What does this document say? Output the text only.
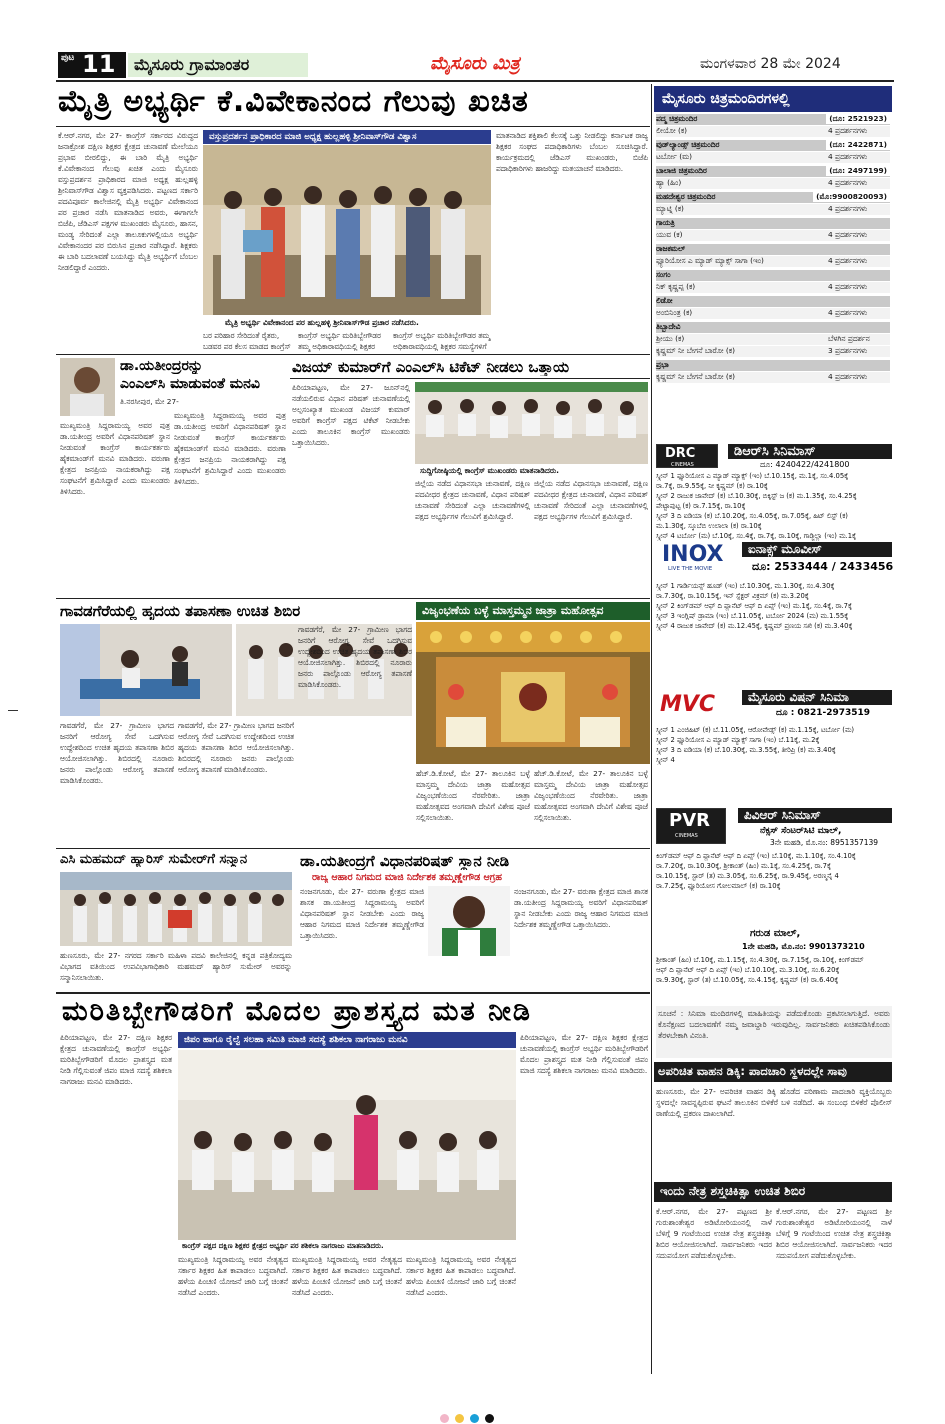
ಪುಟ 11	ಮೈಸೂರು ಗ್ರಾಮಾಂತರ	ಮೈಸೂರು ಮಿತ್ರ	ಮಂಗಳವಾರ 28 ಮೇ 2024
ಮೈತ್ರಿ ಅಭ್ಯರ್ಥಿ ಕೆ.ವಿವೇಕಾನಂದ ಗೆಲುವು ಖಚಿತ
ಕೆ.ಆರ್.ನಗರ, ಮೇ 27- ಕಾಂಗ್ರೆಸ್ ಸರ್ಕಾರದ ವಿರುದ್ಧದ ಜನಾಕ್ರೋಶ ದಕ್ಷಿಣ ಶಿಕ್ಷಕರ ಕ್ಷೇತ್ರದ ಚುನಾವಣೆ ಮೇಲೆಯೂ ಪ್ರಭಾವ ಬೀರಲಿದ್ದು, ಈ ಬಾರಿ ಮೈತ್ರಿ ಅಭ್ಯರ್ಥಿ ಕೆ.ವಿವೇಕಾನಂದ ಗೆಲುವು ಖಚಿತ ಎಂದು ಮೈಸೂರು ವಸ್ತುಪ್ರದರ್ಶನ ಪ್ರಾಧಿಕಾರದ ಮಾಜಿ ಅಧ್ಯಕ್ಷ ಹುಲ್ಲಹಳ್ಳಿ ಶ್ರೀನಿವಾಸ್‌ಗೌಡ ವಿಶ್ವಾಸ ವ್ಯಕ್ತಪಡಿಸಿದರು. ಪಟ್ಟಣದ ಸರ್ಕಾರಿ ಪದವಿಪೂರ್ವ ಕಾಲೇಜಿನಲ್ಲಿ ಮೈತ್ರಿ ಅಭ್ಯರ್ಥಿ ವಿವೇಕಾನಂದ ಪರ ಪ್ರಚಾರ ನಡೆಸಿ ಮಾತನಾಡಿದ ಅವರು, ಈಗಾಗಲೇ ಬಿಜೆಪಿ, ಜೆಡಿಎಸ್ ಪಕ್ಷಗಳ ಮುಖಂಡರು ಮೈಸೂರು, ಹಾಸನ, ಮಂಡ್ಯ ಸೇರಿದಂತೆ ಎಲ್ಲಾ ತಾಲೂಕುಗಳಲ್ಲಿಯೂ ಅಭ್ಯರ್ಥಿ ವಿವೇಕಾನಂದರ ಪರ ಬಿರುಸಿನ ಪ್ರಚಾರ ನಡೆಸಿದ್ದಾರೆ. ಶಿಕ್ಷಕರು ಈ ಬಾರಿ ಬದಲಾವಣೆ ಬಯಸಿದ್ದು ಮೈತ್ರಿ ಅಭ್ಯರ್ಥಿಗೆ ಬೆಂಬಲ ನೀಡಲಿದ್ದಾರೆ ಎಂದರು.
ವಸ್ತುಪ್ರದರ್ಶನ ಪ್ರಾಧಿಕಾರದ ಮಾಜಿ ಅಧ್ಯಕ್ಷ ಹುಲ್ಲಹಳ್ಳಿ ಶ್ರೀನಿವಾಸ್‌ಗೌಡ ವಿಶ್ವಾಸ
ಮೈತ್ರಿ ಅಭ್ಯರ್ಥಿ ವಿವೇಕಾನಂದ ಪರ ಹುಲ್ಲಹಳ್ಳಿ ಶ್ರೀನಿವಾಸ್‌ಗೌಡ ಪ್ರಚಾರ ನಡೆಸಿದರು.
ಬರ ಪರಿಹಾರ ಸೇರಿದಂತೆ ರೈತರು, ಬಡವರ ಪರ ಕೆಲಸ ಮಾಡದ ಕಾಂಗ್ರೆಸ್
ಕಾಂಗ್ರೆಸ್ ಅಭ್ಯರ್ಥಿ ಮರಿತಿಬ್ಬೇಗೌಡರ ತಮ್ಮ ಅಧಿಕಾರಾವಧಿಯಲ್ಲಿ ಶಿಕ್ಷಕರ
ಕಾಂಗ್ರೆಸ್ ಅಭ್ಯರ್ಥಿ ಮರಿತಿಬ್ಬೇಗೌಡರ ತಮ್ಮ ಅಧಿಕಾರಾವಧಿಯಲ್ಲಿ ಶಿಕ್ಷಕರ ಸಮಸ್ಯೆಗಳಿಗೆ
ಮಾತನಾಡಿದ ಶಕ್ತಿಶಾಲಿ ಕೆಲಸಕ್ಕೆ ಒತ್ತು ನೀಡಲಿದ್ದು ಕರ್ನಾಟಕ ರಾಜ್ಯ ಶಿಕ್ಷಕರ ಸಂಘದ ಪದಾಧಿಕಾರಿಗಳು ಬೆಂಬಲ ಸೂಚಿಸಿದ್ದಾರೆ. ಕಾರ್ಯಕ್ರಮದಲ್ಲಿ ಜೆಡಿಎಸ್ ಮುಖಂಡರು, ಬಿಜೆಪಿ ಪದಾಧಿಕಾರಿಗಳು ಹಾಜರಿದ್ದು ಮತಯಾಚನೆ ಮಾಡಿದರು.
ಡಾ.ಯತೀಂದ್ರರನ್ನು
ಎಂಎಲ್‌ಸಿ ಮಾಡುವಂತೆ ಮನವಿ
ತಿ.ನರಸೀಪುರ, ಮೇ 27-
ಮುಖ್ಯಮಂತ್ರಿ ಸಿದ್ದರಾಮಯ್ಯ ಅವರ ಪುತ್ರ ಡಾ.ಯತೀಂದ್ರ ಅವರಿಗೆ ವಿಧಾನಪರಿಷತ್ ಸ್ಥಾನ ನೀಡುವಂತೆ ಕಾಂಗ್ರೆಸ್ ಕಾರ್ಯಕರ್ತರು ಹೈಕಮಾಂಡ್‌ಗೆ ಮನವಿ ಮಾಡಿದರು. ವರುಣಾ ಕ್ಷೇತ್ರದ ಜನಪ್ರಿಯ ನಾಯಕರಾಗಿದ್ದು ಪಕ್ಷ ಸಂಘಟನೆಗೆ ಶ್ರಮಿಸಿದ್ದಾರೆ ಎಂದು ಮುಖಂಡರು ತಿಳಿಸಿದರು.
ಮುಖ್ಯಮಂತ್ರಿ ಸಿದ್ದರಾಮಯ್ಯ ಅವರ ಪುತ್ರ ಡಾ.ಯತೀಂದ್ರ ಅವರಿಗೆ ವಿಧಾನಪರಿಷತ್ ಸ್ಥಾನ ನೀಡುವಂತೆ ಕಾಂಗ್ರೆಸ್ ಕಾರ್ಯಕರ್ತರು ಹೈಕಮಾಂಡ್‌ಗೆ ಮನವಿ ಮಾಡಿದರು. ವರುಣಾ ಕ್ಷೇತ್ರದ ಜನಪ್ರಿಯ ನಾಯಕರಾಗಿದ್ದು ಪಕ್ಷ ಸಂಘಟನೆಗೆ ಶ್ರಮಿಸಿದ್ದಾರೆ ಎಂದು ಮುಖಂಡರು ತಿಳಿಸಿದರು.
ವಿಜಯ್ ಕುಮಾರ್‌ಗೆ ಎಂಎಲ್‌ಸಿ ಟಿಕೆಟ್ ನೀಡಲು ಒತ್ತಾಯ
ಪಿರಿಯಾಪಟ್ಟಣ, ಮೇ 27- ಜೂನ್‌ನಲ್ಲಿ ನಡೆಯಲಿರುವ ವಿಧಾನ ಪರಿಷತ್ ಚುನಾವಣೆಯಲ್ಲಿ ಅಲ್ಪಸಂಖ್ಯಾತ ಮುಖಂಡ ವಿಜಯ್ ಕುಮಾರ್ ಅವರಿಗೆ ಕಾಂಗ್ರೆಸ್ ಪಕ್ಷದ ಟಿಕೆಟ್ ನೀಡಬೇಕು ಎಂದು ತಾಲೂಕಿನ ಕಾಂಗ್ರೆಸ್ ಮುಖಂಡರು ಒತ್ತಾಯಿಸಿದರು.
ಸುದ್ದಿಗೋಷ್ಠಿಯಲ್ಲಿ ಕಾಂಗ್ರೆಸ್ ಮುಖಂಡರು ಮಾತನಾಡಿದರು.
ಜಿಲ್ಲೆಯ ನಡೆದ ವಿಧಾನಸಭಾ ಚುನಾವಣೆ, ದಕ್ಷಿಣ ಪದವೀಧರ ಕ್ಷೇತ್ರದ ಚುನಾವಣೆ, ವಿಧಾನ ಪರಿಷತ್ ಚುನಾವಣೆ ಸೇರಿದಂತೆ ಎಲ್ಲಾ ಚುನಾವಣೆಗಳಲ್ಲಿ ಪಕ್ಷದ ಅಭ್ಯರ್ಥಿಗಳ ಗೆಲುವಿಗೆ ಶ್ರಮಿಸಿದ್ದಾರೆ.
ಜಿಲ್ಲೆಯ ನಡೆದ ವಿಧಾನಸಭಾ ಚುನಾವಣೆ, ದಕ್ಷಿಣ ಪದವೀಧರ ಕ್ಷೇತ್ರದ ಚುನಾವಣೆ, ವಿಧಾನ ಪರಿಷತ್ ಚುನಾವಣೆ ಸೇರಿದಂತೆ ಎಲ್ಲಾ ಚುನಾವಣೆಗಳಲ್ಲಿ ಪಕ್ಷದ ಅಭ್ಯರ್ಥಿಗಳ ಗೆಲುವಿಗೆ ಶ್ರಮಿಸಿದ್ದಾರೆ.
ಗಾವಡಗೆರೆಯಲ್ಲಿ ಹೃದಯ ತಪಾಸಣಾ ಉಚಿತ ಶಿಬಿರ
ಗಾವಡಗೆರೆ, ಮೇ 27- ಗ್ರಾಮೀಣ ಭಾಗದ ಜನರಿಗೆ ಆರೋಗ್ಯ ಸೇವೆ ಒದಗಿಸುವ ಉದ್ದೇಶದಿಂದ ಉಚಿತ ಹೃದಯ ತಪಾಸಣಾ ಶಿಬಿರ ಆಯೋಜಿಸಲಾಗಿತ್ತು. ಶಿಬಿರದಲ್ಲಿ ನೂರಾರು ಜನರು ಪಾಲ್ಗೊಂಡು ಆರೋಗ್ಯ ತಪಾಸಣೆ ಮಾಡಿಸಿಕೊಂಡರು.
ಗಾವಡಗೆರೆ, ಮೇ 27- ಗ್ರಾಮೀಣ ಭಾಗದ ಜನರಿಗೆ ಆರೋಗ್ಯ ಸೇವೆ ಒದಗಿಸುವ ಉದ್ದೇಶದಿಂದ ಉಚಿತ ಹೃದಯ ತಪಾಸಣಾ ಶಿಬಿರ ಆಯೋಜಿಸಲಾಗಿತ್ತು. ಶಿಬಿರದಲ್ಲಿ ನೂರಾರು ಜನರು ಪಾಲ್ಗೊಂಡು ಆರೋಗ್ಯ ತಪಾಸಣೆ ಮಾಡಿಸಿಕೊಂಡರು.
ಗಾವಡಗೆರೆ, ಮೇ 27- ಗ್ರಾಮೀಣ ಭಾಗದ ಜನರಿಗೆ ಆರೋಗ್ಯ ಸೇವೆ ಒದಗಿಸುವ ಉದ್ದೇಶದಿಂದ ಉಚಿತ ಹೃದಯ ತಪಾಸಣಾ ಶಿಬಿರ ಆಯೋಜಿಸಲಾಗಿತ್ತು. ಶಿಬಿರದಲ್ಲಿ ನೂರಾರು ಜನರು ಪಾಲ್ಗೊಂಡು ಆರೋಗ್ಯ ತಪಾಸಣೆ ಮಾಡಿಸಿಕೊಂಡರು.
ವಿಜೃಂಭಣೆಯ ಬಳ್ಳೆ ಮಾಸ್ತಮ್ಮನ ಜಾತ್ರಾ ಮಹೋತ್ಸವ
ಹೆಚ್.ಡಿ.ಕೋಟೆ, ಮೇ 27- ತಾಲೂಕಿನ ಬಳ್ಳೆ ಮಾಸ್ತಮ್ಮ ದೇವಿಯ ಜಾತ್ರಾ ಮಹೋತ್ಸವ ವಿಜೃಂಭಣೆಯಿಂದ ನೆರವೇರಿತು. ಜಾತ್ರಾ ಮಹೋತ್ಸವದ ಅಂಗವಾಗಿ ದೇವಿಗೆ ವಿಶೇಷ ಪೂಜೆ ಸಲ್ಲಿಸಲಾಯಿತು.
ಹೆಚ್.ಡಿ.ಕೋಟೆ, ಮೇ 27- ತಾಲೂಕಿನ ಬಳ್ಳೆ ಮಾಸ್ತಮ್ಮ ದೇವಿಯ ಜಾತ್ರಾ ಮಹೋತ್ಸವ ವಿಜೃಂಭಣೆಯಿಂದ ನೆರವೇರಿತು. ಜಾತ್ರಾ ಮಹೋತ್ಸವದ ಅಂಗವಾಗಿ ದೇವಿಗೆ ವಿಶೇಷ ಪೂಜೆ ಸಲ್ಲಿಸಲಾಯಿತು.
ಎಸಿ ಮಹಮದ್ ಹ್ಯಾರಿಸ್ ಸುಮೇರ್‌ಗೆ ಸನ್ಮಾನ
ಹುಣಸೂರು, ಮೇ 27- ನಗರದ ಸರ್ಕಾರಿ ಮಹಿಳಾ ಪದವಿ ಕಾಲೇಜಿನಲ್ಲಿ ಕನ್ನಡ ಪತ್ರಿಕೋದ್ಯಮ ವಿಭಾಗದ ವತಿಯಿಂದ ಉಪವಿಭಾಗಾಧಿಕಾರಿ ಮಹಮದ್ ಹ್ಯಾರಿಸ್ ಸುಮೇರ್ ಅವರನ್ನು ಸನ್ಮಾನಿಸಲಾಯಿತು.
ಡಾ.ಯತೀಂದ್ರಗೆ ವಿಧಾನಪರಿಷತ್ ಸ್ಥಾನ ನೀಡಿ
ರಾಜ್ಯ ಆಹಾರ ನಿಗಮದ ಮಾಜಿ ನಿರ್ದೇಶಕ ತಮ್ಮಣ್ಣೇಗೌಡ ಆಗ್ರಹ
ನಂಜನಗೂಡು, ಮೇ 27- ವರುಣಾ ಕ್ಷೇತ್ರದ ಮಾಜಿ ಶಾಸಕ ಡಾ.ಯತೀಂದ್ರ ಸಿದ್ದರಾಮಯ್ಯ ಅವರಿಗೆ ವಿಧಾನಪರಿಷತ್ ಸ್ಥಾನ ನೀಡಬೇಕು ಎಂದು ರಾಜ್ಯ ಆಹಾರ ನಿಗಮದ ಮಾಜಿ ನಿರ್ದೇಶಕ ತಮ್ಮಣ್ಣೇಗೌಡ ಒತ್ತಾಯಿಸಿದರು.
ನಂಜನಗೂಡು, ಮೇ 27- ವರುಣಾ ಕ್ಷೇತ್ರದ ಮಾಜಿ ಶಾಸಕ ಡಾ.ಯತೀಂದ್ರ ಸಿದ್ದರಾಮಯ್ಯ ಅವರಿಗೆ ವಿಧಾನಪರಿಷತ್ ಸ್ಥಾನ ನೀಡಬೇಕು ಎಂದು ರಾಜ್ಯ ಆಹಾರ ನಿಗಮದ ಮಾಜಿ ನಿರ್ದೇಶಕ ತಮ್ಮಣ್ಣೇಗೌಡ ಒತ್ತಾಯಿಸಿದರು.
ಮರಿತಿಬ್ಬೇಗೌಡರಿಗೆ ಮೊದಲ ಪ್ರಾಶಸ್ತ್ಯದ ಮತ ನೀಡಿ
ಪಿರಿಯಾಪಟ್ಟಣ, ಮೇ 27- ದಕ್ಷಿಣ ಶಿಕ್ಷಕರ ಕ್ಷೇತ್ರದ ಚುನಾವಣೆಯಲ್ಲಿ ಕಾಂಗ್ರೆಸ್ ಅಭ್ಯರ್ಥಿ ಮರಿತಿಬ್ಬೇಗೌಡರಿಗೆ ಮೊದಲ ಪ್ರಾಶಸ್ತ್ಯದ ಮತ ನೀಡಿ ಗೆಲ್ಲಿಸುವಂತೆ ಜಿಪಂ ಮಾಜಿ ಸದಸ್ಯೆ ಶಶಿಕಲಾ ನಾಗರಾಜು ಮನವಿ ಮಾಡಿದರು.
ಜಿಪಂ ಹಾಗೂ ರೈಲ್ವೆ ಸಲಹಾ ಸಮಿತಿ ಮಾಜಿ ಸದಸ್ಯೆ ಶಶಿಕಲಾ ನಾಗರಾಜು ಮನವಿ
ಕಾಂಗ್ರೆಸ್ ಪಕ್ಷದ ದಕ್ಷಿಣ ಶಿಕ್ಷಕರ ಕ್ಷೇತ್ರದ ಅಭ್ಯರ್ಥಿ ಪರ ಶಶಿಕಲಾ ನಾಗರಾಜು ಮಾತನಾಡಿದರು.
ಮುಖ್ಯಮಂತ್ರಿ ಸಿದ್ದರಾಮಯ್ಯ ಅವರ ನೇತೃತ್ವದ ಸರ್ಕಾರ ಶಿಕ್ಷಕರ ಹಿತ ಕಾಪಾಡಲು ಬದ್ಧವಾಗಿದೆ. ಹಳೆಯ ಪಿಂಚಣಿ ಯೋಜನೆ ಜಾರಿ ಬಗ್ಗೆ ಚಿಂತನೆ ನಡೆಸಿದೆ ಎಂದರು.
ಮುಖ್ಯಮಂತ್ರಿ ಸಿದ್ದರಾಮಯ್ಯ ಅವರ ನೇತೃತ್ವದ ಸರ್ಕಾರ ಶಿಕ್ಷಕರ ಹಿತ ಕಾಪಾಡಲು ಬದ್ಧವಾಗಿದೆ. ಹಳೆಯ ಪಿಂಚಣಿ ಯೋಜನೆ ಜಾರಿ ಬಗ್ಗೆ ಚಿಂತನೆ ನಡೆಸಿದೆ ಎಂದರು.
ಮುಖ್ಯಮಂತ್ರಿ ಸಿದ್ದರಾಮಯ್ಯ ಅವರ ನೇತೃತ್ವದ ಸರ್ಕಾರ ಶಿಕ್ಷಕರ ಹಿತ ಕಾಪಾಡಲು ಬದ್ಧವಾಗಿದೆ. ಹಳೆಯ ಪಿಂಚಣಿ ಯೋಜನೆ ಜಾರಿ ಬಗ್ಗೆ ಚಿಂತನೆ ನಡೆಸಿದೆ ಎಂದರು.
ಪಿರಿಯಾಪಟ್ಟಣ, ಮೇ 27- ದಕ್ಷಿಣ ಶಿಕ್ಷಕರ ಕ್ಷೇತ್ರದ ಚುನಾವಣೆಯಲ್ಲಿ ಕಾಂಗ್ರೆಸ್ ಅಭ್ಯರ್ಥಿ ಮರಿತಿಬ್ಬೇಗೌಡರಿಗೆ ಮೊದಲ ಪ್ರಾಶಸ್ತ್ಯದ ಮತ ನೀಡಿ ಗೆಲ್ಲಿಸುವಂತೆ ಜಿಪಂ ಮಾಜಿ ಸದಸ್ಯೆ ಶಶಿಕಲಾ ನಾಗರಾಜು ಮನವಿ ಮಾಡಿದರು.
ಮೈಸೂರು ಚಿತ್ರಮಂದಿರಗಳಲ್ಲಿ
ಪದ್ಮ ಚಿತ್ರಮಂದಿರ	(ದೂ: 2521923)
ಲೀಯೋ (ಕ)	4 ಪ್ರದರ್ಶನಗಳು
ವುಡ್‌ಲ್ಯಾಂಡ್ಸ್ ಚಿತ್ರಮಂದಿರ	(ದೂ: 2422871)
ಟರ್ಬೋ (ಮ)	4 ಪ್ರದರ್ಶನಗಳು
ಬಾಲಾಜಿ ಚಿತ್ರಮಂದಿರ	(ದೂ: 2497199)
ಹ್ಯಾ (ಹಿಂ)	4 ಪ್ರದರ್ಶನಗಳು
ಮಹದೇಶ್ವರ ಚಿತ್ರಮಂದಿರ	(ಮೊ:9900820093)
ಮ್ಯಾಟ್ನಿ (ಕ)	4 ಪ್ರದರ್ಶನಗಳು
ಗಾಯತ್ರಿ
ಯುವ (ಕ)	4 ಪ್ರದರ್ಶನಗಳು
ರಾಜಕಮಲ್
ಫ್ಯೂರಿಯೋಸ ಎ ಮ್ಯಾಡ್ ಮ್ಯಾಕ್ಸ್ ಸಾಗಾ (ಇಂ)	4 ಪ್ರದರ್ಶನಗಳು
ಸಂಗಂ
ನಿಕ್ ಕೃಷ್ಣಪ್ಪ (ಕ)	4 ಪ್ರದರ್ಶನಗಳು
ಲಿಡೋ
ಅಂಬಿನಿಂತ್ರ (ಕ)	4 ಪ್ರದರ್ಶನಗಳು
ತಿಬ್ಬಾದೇವಿ
ಶ್ರೀಯು (ಕ)	ಬೆಳಗಿನ ಪ್ರದರ್ಶನ
ಕೃಷ್ಣಮ್ ನೀ ಬೇಗನೆ ಬಾರೋ (ಕ)	3 ಪ್ರದರ್ಶನಗಳು
ಪ್ರಭಾ
ಕೃಷ್ಣಮ್ ನೀ ಬೇಗನೆ ಬಾರೋ (ಕ)	4 ಪ್ರದರ್ಶನಗಳು
DRC
CINEMAS
ಡಿಆರ್‌ಸಿ ಸಿನಿಮಾಸ್
ದೂ: 4240422/4241800
ಸ್ಕ್ರೀನ್ 1 ಫ್ಯೂರಿಯೋಸ ಎ ಮ್ಯಾಡ್ ಮ್ಯಾಕ್ಸ್ (ಇಂ) ಬೆ.10.15ಕ್ಕೆ, ಮ.1ಕ್ಕೆ, ಸಂ.4.05ಕ್ಕೆ
ರಾ.7ಕ್ಕೆ, ರಾ.9.55ಕ್ಕೆ, ನೀ ಕೃಷ್ಣಮ್ (ಕ) ರಾ.10ಕ್ಕೆ
ಸ್ಕ್ರೀನ್ 2 ರಾಜುಕ ಜಾವೇದ್ (ಕ) ಬೆ.10.30ಕ್ಕೆ, ಬಿಕ್ಕಿಸ್ಟ್ ಜ (ಕ) ಮ.1.35ಕ್ಕೆ, ಸಂ.4.25ಕ್ಕೆ
ಪೇಟ್ಟಾಪುಟ್ಟ (ಕ) ರಾ.7.15ಕ್ಕೆ, ರಾ.10ಕ್ಕೆ
ಸ್ಕ್ರೀನ್ 3 ದಿ ಐಡಿಯಾ (ಕ) ಬೆ.10.20ಕ್ಕೆ, ಸಂ.4.05ಕ್ಕೆ, ರಾ.7.05ಕ್ಕೆ, ಹಿಟ್ ಲಿಸ್ಟ್ (ಕ)
ಮ.1.30ಕ್ಕೆ, ಸ್ಕೂಬೆಬಿ ಉಲಾಲಾ (ಕ) ರಾ.10ಕ್ಕೆ
ಸ್ಕ್ರೀನ್ 4 ಟರ್ಬೋ (ಮ) ಬೆ.10ಕ್ಕೆ, ಸಂ.4ಕ್ಕೆ, ರಾ.7ಕ್ಕೆ, ರಾ.10ಕ್ಕೆ, ಗಾಡ್ಜಿಲ್ಲಾ (ಇಂ) ಮ.1ಕ್ಕೆ
INOX
LIVE THE MOVIE
ಐನಾಕ್ಸ್ ಮೂವೀಸ್
ದೂ: 2533444 / 2433456
ಸ್ಕ್ರೀನ್ 1 ಗಾರ್ಡಿಯನ್ಸ್ ಹೂಡ್ (ಇಂ) ಬೆ.10.30ಕ್ಕೆ, ಮ.1.30ಕ್ಕೆ, ಸಂ.4.30ಕ್ಕೆ
ರಾ.7.30ಕ್ಕೆ, ರಾ.10.15ಕ್ಕೆ, ಇನ್ ಸ್ಪೆಕ್ಟರ್ ವಿಕ್ರಮ್ (ಕ) ಮ.3.20ಕ್ಕೆ
ಸ್ಕ್ರೀನ್ 2 ಕಿಂಗ್‌ಡಮ್ ಆಫ್ ದಿ ಪ್ಲಾನೆಟ್ ಆಫ್ ದಿ ಏಪ್ಸ್ (ಇಂ) ಮ.1ಕ್ಕೆ, ಸಂ.4ಕ್ಕೆ, ರಾ.7ಕ್ಕೆ
ಸ್ಕ್ರೀನ್ 3 ಇಂಗ್ಲಿಷ್ ಡ್ರಾಮಾ (ಇಂ) ಬೆ.11.05ಕ್ಕೆ, ಟರ್ಬೋ 2024 (ಮ) ಮ.1.55ಕ್ಕೆ
ಸ್ಕ್ರೀನ್ 4 ರಾಜುಕ ಜಾವೇದ್ (ಕ) ಮ.12.45ಕ್ಕೆ, ಕೃಷ್ಣಮ್ ಪ್ರಣಯ ಸಖಿ (ಕ) ಮ.3.40ಕ್ಕೆ
MVC	ಮೈಸೂರು ವಿಷನ್ ಸಿನಿಮಾ
ದೂ : 0821-2973519
ಸ್ಕ್ರೀನ್ 1 ಎಂಜಿಹಿಟ್ (ಕ) ಬೆ.11.05ಕ್ಕೆ, ಆರೋವೇಡ್ಸ್ (ಕ) ಮ.1.15ಕ್ಕೆ, ಟರ್ಬೋ (ಮ)
ಸ್ಕ್ರೀನ್ 2 ಫ್ಯೂರಿಯೋಸ ಎ ಮ್ಯಾಡ್ ಮ್ಯಾಕ್ಸ್ ಸಾಗಾ (ಇಂ) ಬೆ.11ಕ್ಕೆ, ಮ.2ಕ್ಕೆ
ಸ್ಕ್ರೀನ್ 3 ದಿ ಐಡಿಯಾ (ಕ) ಬೆ.10.30ಕ್ಕೆ, ಮ.3.55ಕ್ಕೆ, ತೀರಿಪ್ರಿ (ಕ) ಮ.3.40ಕ್ಕೆ
ಸ್ಕ್ರೀನ್ 4
PVR
CINEMAS
ಪಿವಿಆರ್ ಸಿನಿಮಾಸ್
ನೆಕ್ಸಸ್ ಸೆಂಟರ್‌ಸಿಟಿ ಮಾಲ್,
3ನೇ ಮಹಡಿ, ಮೊ.ನಂ: 8951357139
ಕಿಂಗ್‌ಡಮ್ ಆಫ್ ದಿ ಪ್ಲಾನೆಟ್ ಆಫ್ ದಿ ಏಪ್ಸ್ (ಇಂ) ಬೆ.10ಕ್ಕೆ, ಮ.1.10ಕ್ಕೆ, ಸಂ.4.10ಕ್ಕೆ
ರಾ.7.20ಕ್ಕೆ, ರಾ.10.30ಕ್ಕೆ, ಶ್ರೀಕಾಂತ್ (ಹಿಂ) ಮ.1ಕ್ಕೆ, ಸಂ.4.25ಕ್ಕೆ, ರಾ.7ಕ್ಕೆ
ರಾ.10.15ಕ್ಕೆ, ಸ್ಟಾರ್ (ತ) ಮ.3.05ಕ್ಕೆ, ಸಂ.6.25ಕ್ಕೆ, ರಾ.9.45ಕ್ಕೆ, ಅರಣ್ಮನೈ 4
ರಾ.7.25ಕ್ಕೆ, ಫ್ಯೂರಿಯೋಸ ಗೋಲಮಾಲ್ (ಕ) ರಾ.10ಕ್ಕೆ
ಗರುಡ ಮಾಲ್,
1ನೇ ಮಹಡಿ, ಮೊ.ನಂ: 9901373210
ಶ್ರೀಕಾಂತ್ (ಹಿಂ) ಬೆ.10ಕ್ಕೆ, ಮ.1.15ಕ್ಕೆ, ಸಂ.4.30ಕ್ಕೆ, ರಾ.7.15ಕ್ಕೆ, ರಾ.10ಕ್ಕೆ, ಕಿಂಗ್‌ಡಮ್
ಆಫ್ ದಿ ಪ್ಲಾನೆಟ್ ಆಫ್ ದಿ ಏಪ್ಸ್ (ಇಂ) ಬೆ.10.10ಕ್ಕೆ, ಮ.3.10ಕ್ಕೆ, ಸಂ.6.20ಕ್ಕೆ
ರಾ.9.30ಕ್ಕೆ, ಸ್ಟಾರ್ (ತ) ಬೆ.10.05ಕ್ಕೆ, ಸಂ.4.15ಕ್ಕೆ, ಕೃಷ್ಣಮ್ (ಕ) ರಾ.6.40ಕ್ಕೆ
ಸೂಚನೆ : ಸಿನಿಮಾ ಮಂದಿರಗಳಲ್ಲಿ ಮಾಹಿತಿಯನ್ನು ಪಡೆದುಕೊಂಡು ಪ್ರಕಟಿಸಲಾಗುತ್ತಿದೆ. ಅವರು ಕೊನೆಕ್ಷಣದ ಬದಲಾವಣೆಗೆ ನಮ್ಮ ಜವಾಬ್ದಾರಿ ಇರುವುದಿಲ್ಲ. ಸಾರ್ವಜನಿಕರು ಖಚಿತಪಡಿಸಿಕೊಂಡು ತೆರಳಬೇಕಾಗಿ ವಿನಂತಿ.
ಅಪರಿಚಿತ ವಾಹನ ಡಿಕ್ಕಿ: ಪಾದಚಾರಿ ಸ್ಥಳದಲ್ಲೇ ಸಾವು
ಹುಣಸೂರು, ಮೇ 27- ಅಪರಿಚಿತ ವಾಹನ ಡಿಕ್ಕಿ ಹೊಡೆದ ಪರಿಣಾಮ ಪಾದಚಾರಿ ವ್ಯಕ್ತಿಯೊಬ್ಬರು ಸ್ಥಳದಲ್ಲೇ ಸಾವನ್ನಪ್ಪಿರುವ ಘಟನೆ ತಾಲೂಕಿನ ಬಿಳಿಕೆರೆ ಬಳಿ ನಡೆದಿದೆ. ಈ ಸಂಬಂಧ ಬಿಳಿಕೆರೆ ಪೊಲೀಸ್ ಠಾಣೆಯಲ್ಲಿ ಪ್ರಕರಣ ದಾಖಲಾಗಿದೆ.
ಇಂದು ನೇತ್ರ ಶಸ್ತ್ರಚಿಕಿತ್ಸಾ ಉಚಿತ ಶಿಬಿರ
ಕೆ.ಆರ್.ನಗರ, ಮೇ 27- ಪಟ್ಟಣದ ಶ್ರೀ ಗುರುಶಾಂತೇಶ್ವರ ಅಡಿಟೋರಿಯಂನಲ್ಲಿ ನಾಳೆ ಬೆಳಿಗ್ಗೆ 9 ಗಂಟೆಯಿಂದ ಉಚಿತ ನೇತ್ರ ಶಸ್ತ್ರಚಿಕಿತ್ಸಾ ಶಿಬಿರ ಆಯೋಜಿಸಲಾಗಿದೆ. ಸಾರ್ವಜನಿಕರು ಇದರ ಸದುಪಯೋಗ ಪಡೆದುಕೊಳ್ಳಬೇಕು.
ಕೆ.ಆರ್.ನಗರ, ಮೇ 27- ಪಟ್ಟಣದ ಶ್ರೀ ಗುರುಶಾಂತೇಶ್ವರ ಅಡಿಟೋರಿಯಂನಲ್ಲಿ ನಾಳೆ ಬೆಳಿಗ್ಗೆ 9 ಗಂಟೆಯಿಂದ ಉಚಿತ ನೇತ್ರ ಶಸ್ತ್ರಚಿಕಿತ್ಸಾ ಶಿಬಿರ ಆಯೋಜಿಸಲಾಗಿದೆ. ಸಾರ್ವಜನಿಕರು ಇದರ ಸದುಪಯೋಗ ಪಡೆದುಕೊಳ್ಳಬೇಕು.
